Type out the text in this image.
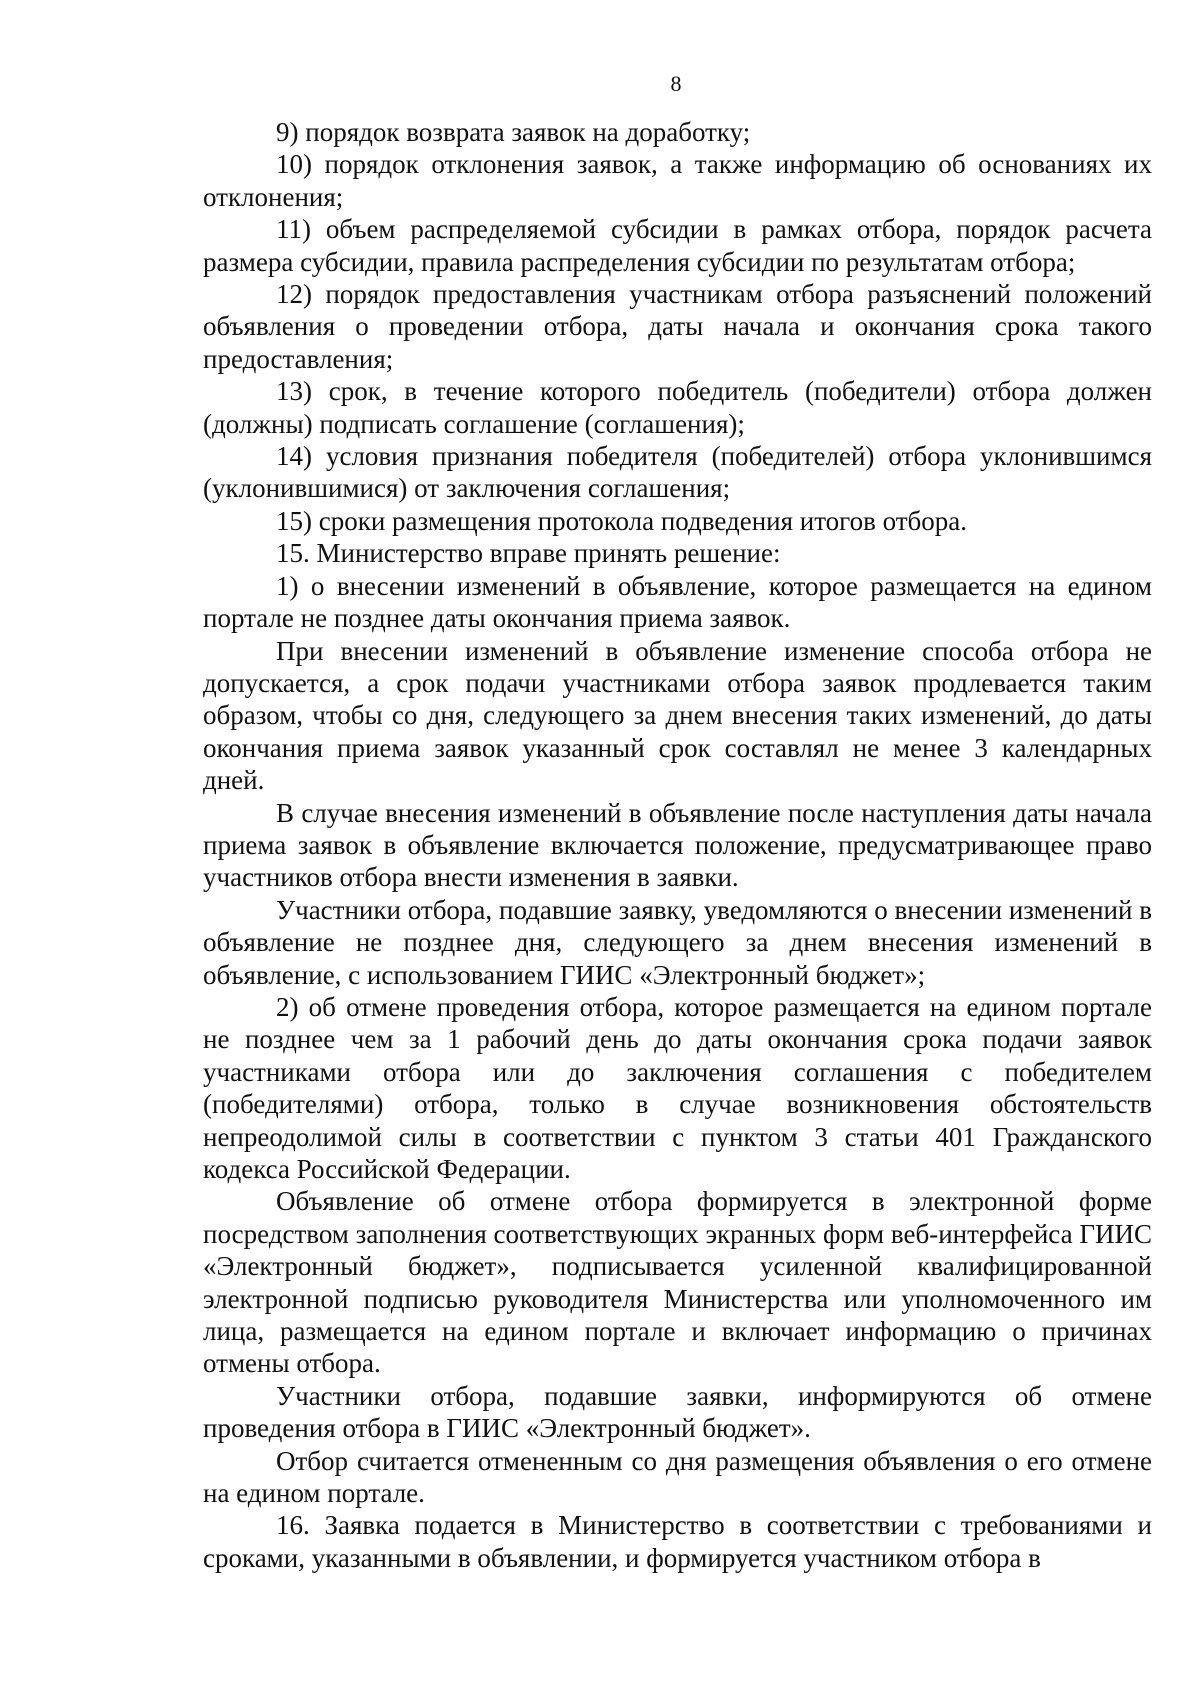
8

9) порядок возврата заявок на доработку;

10) порядок отклонения заявок, а также информацию об основаниях их отклонения;

11) объем распределяемой субсидии в рамках отбора, порядок расчета размера субсидии, правила распределения субсидии по результатам отбора;

12) порядок предоставления участникам отбора разъяснений положений объявления о проведении отбора, даты начала и окончания срока такого предоставления;

13) срок, в течение которого победитель (победители) отбора должен (должны) подписать соглашение (соглашения);

14) условия признания победителя (победителей) отбора уклонившимся (уклонившимися) от заключения соглашения;

15) сроки размещения протокола подведения итогов отбора.

15. Министерство вправе принять решение:

1) о внесении изменений в объявление, которое размещается на едином портале не позднее даты окончания приема заявок.

При внесении изменений в объявление изменение способа отбора не допускается, а срок подачи участниками отбора заявок продлевается таким образом, чтобы со дня, следующего за днем внесения таких изменений, до даты окончания приема заявок указанный срок составлял не менее 3 календарных дней.

В случае внесения изменений в объявление после наступления даты начала приема заявок в объявление включается положение, предусматривающее право участников отбора внести изменения в заявки.

Участники отбора, подавшие заявку, уведомляются о внесении изменений в объявление не позднее дня, следующего за днем внесения изменений в объявление, с использованием ГИИС «Электронный бюджет»;

2) об отмене проведения отбора, которое размещается на едином портале не позднее чем за 1 рабочий день до даты окончания срока подачи заявок участниками отбора или до заключения соглашения с победителем (победителями) отбора, только в случае возникновения обстоятельств непреодолимой силы в соответствии с пунктом 3 статьи 401 Гражданского кодекса Российской Федерации.

Объявление об отмене отбора формируется в электронной форме посредством заполнения соответствующих экранных форм веб-интерфейса ГИИС «Электронный бюджет», подписывается усиленной квалифицированной электронной подписью руководителя Министерства или уполномоченного им лица, размещается на едином портале и включает информацию о причинах отмены отбора.

Участники отбора, подавшие заявки, информируются об отмене проведения отбора в ГИИС «Электронный бюджет».

Отбор считается отмененным со дня размещения объявления о его отмене на едином портале.

16. Заявка подается в Министерство в соответствии с требованиями и сроками, указанными в объявлении, и формируется участником отбора в
